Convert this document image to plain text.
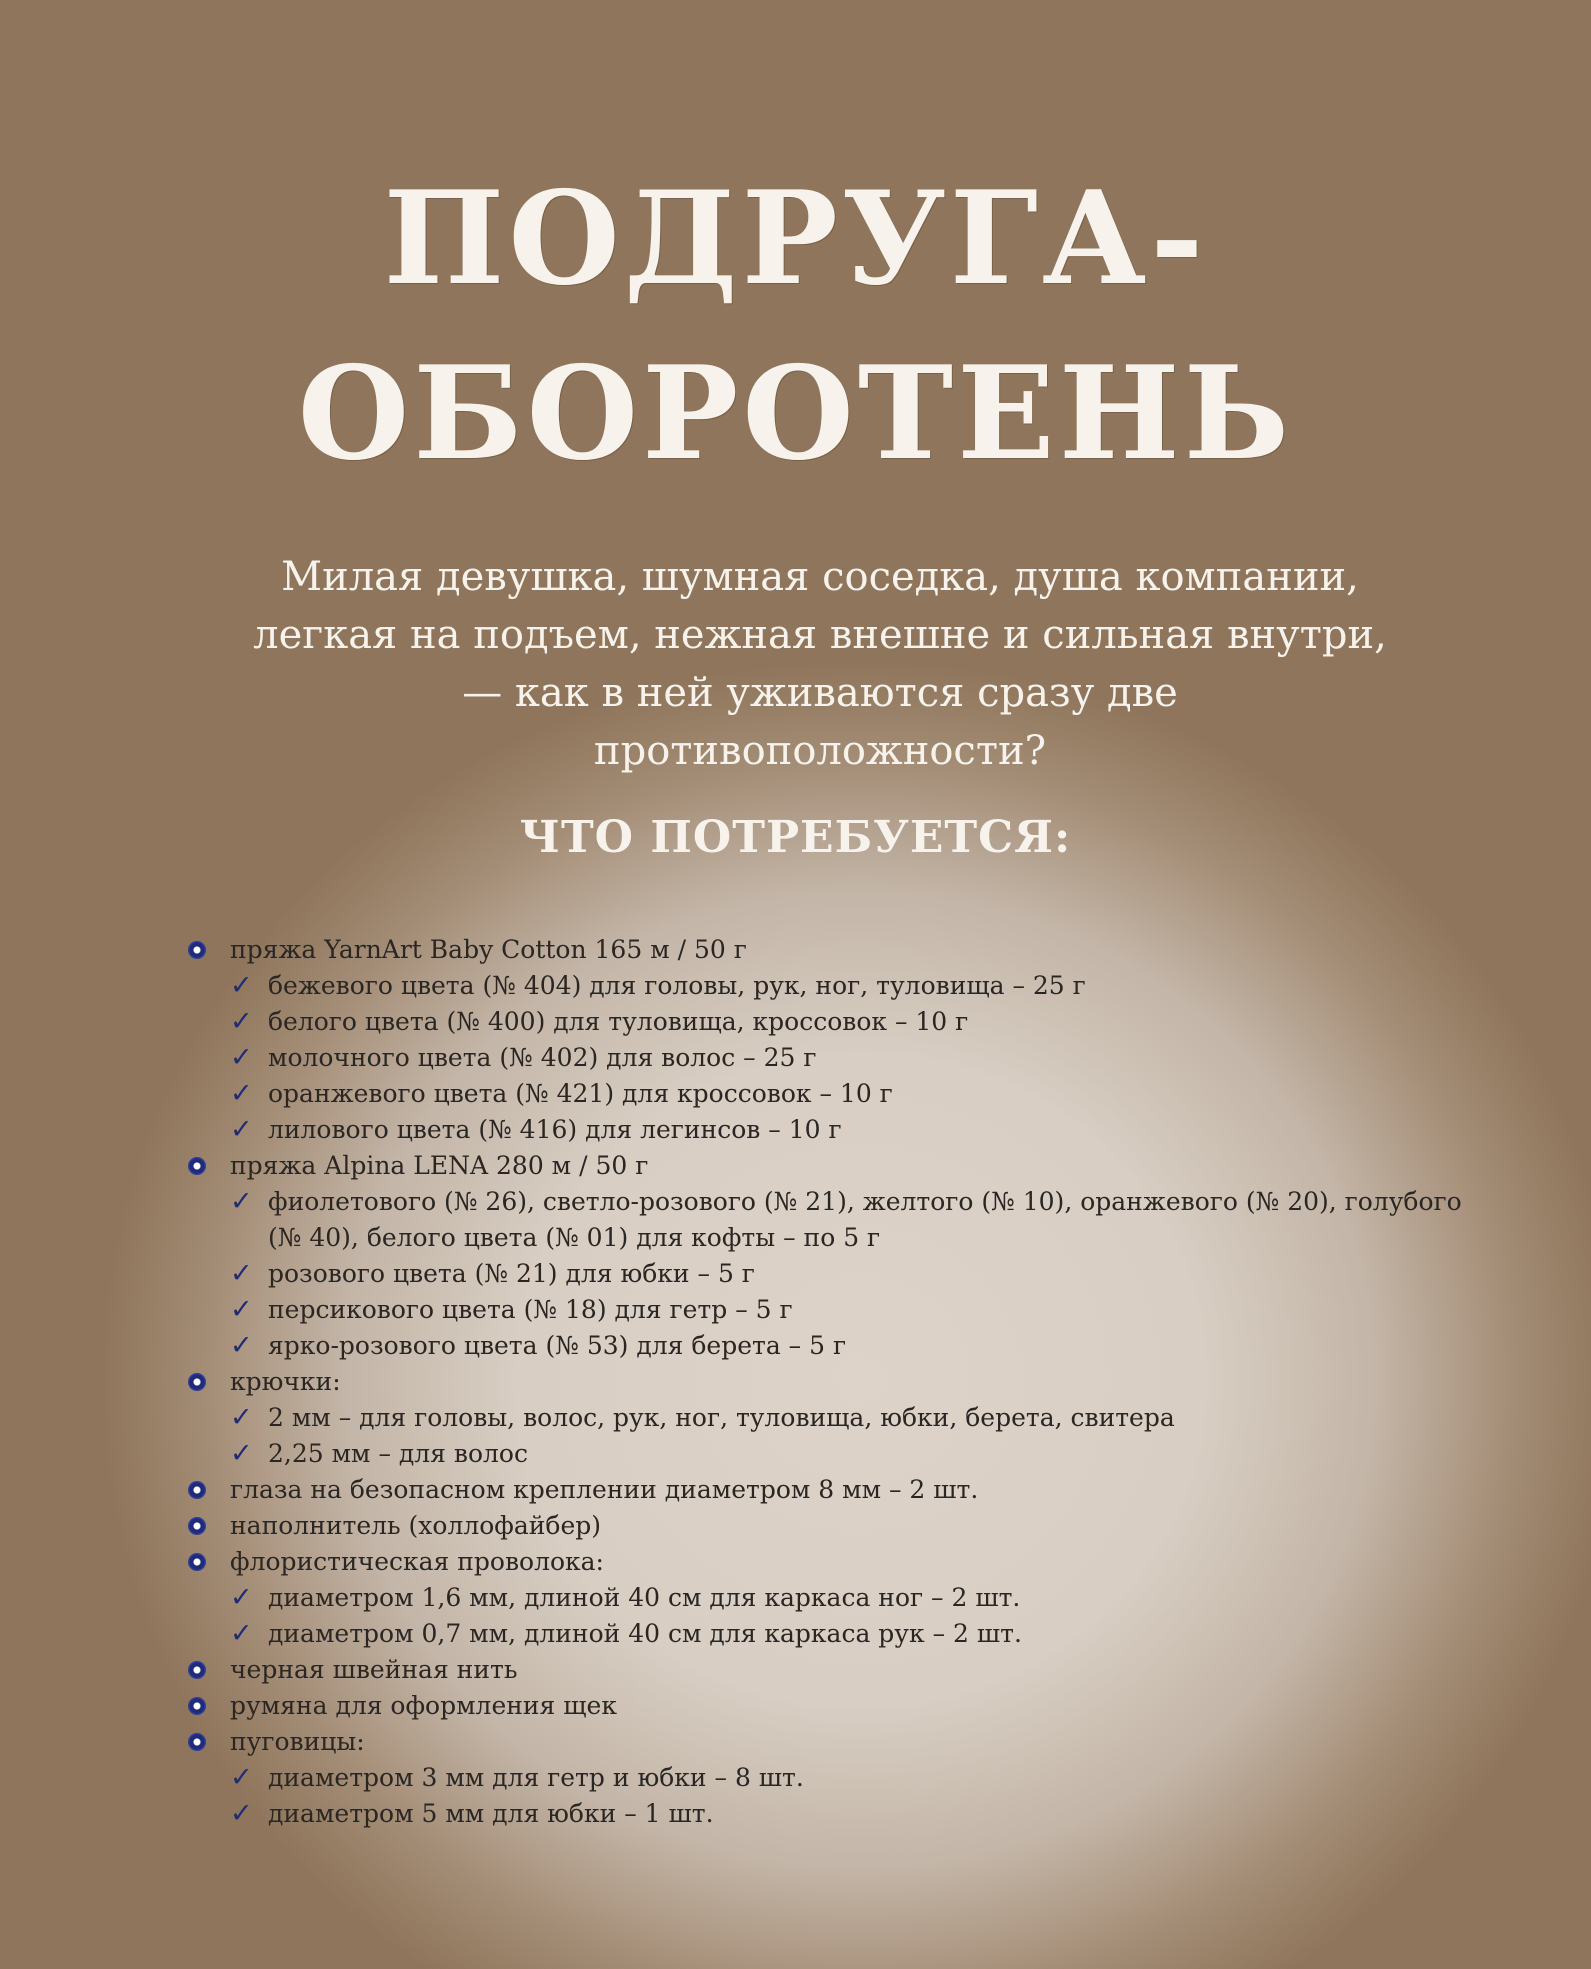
ПОДРУГА-
ОБОРОТЕНЬ
Милая девушка, шумная соседка, душа компании, легкая на подъем, нежная внешне и сильная внутри, — как в ней уживаются сразу две противоположности?
ЧТО ПОТРЕБУЕТСЯ:
пряжа YarnArt Baby Cotton 165 м / 50 г
✓ бежевого цвета (№ 404) для головы, рук, ног, туловища – 25 г
✓ белого цвета (№ 400) для туловища, кроссовок – 10 г
✓ молочного цвета (№ 402) для волос – 25 г
✓ оранжевого цвета (№ 421) для кроссовок – 10 г
✓ лилового цвета (№ 416) для легинсов – 10 г
пряжа Alpina LENA 280 м / 50 г
✓ фиолетового (№ 26), светло-розового (№ 21), желтого (№ 10), оранжевого (№ 20), голубого (№ 40), белого цвета (№ 01) для кофты – по 5 г
✓ розового цвета (№ 21) для юбки – 5 г
✓ персикового цвета (№ 18) для гетр – 5 г
✓ ярко-розового цвета (№ 53) для берета – 5 г
крючки:
✓ 2 мм – для головы, волос, рук, ног, туловища, юбки, берета, свитера
✓ 2,25 мм – для волос
глаза на безопасном креплении диаметром 8 мм – 2 шт.
наполнитель (холлофайбер)
флористическая проволока:
✓ диаметром 1,6 мм, длиной 40 см для каркаса ног – 2 шт.
✓ диаметром 0,7 мм, длиной 40 см для каркаса рук – 2 шт.
черная швейная нить
румяна для оформления щек
пуговицы:
✓ диаметром 3 мм для гетр и юбки – 8 шт.
✓ диаметром 5 мм для юбки – 1 шт.
